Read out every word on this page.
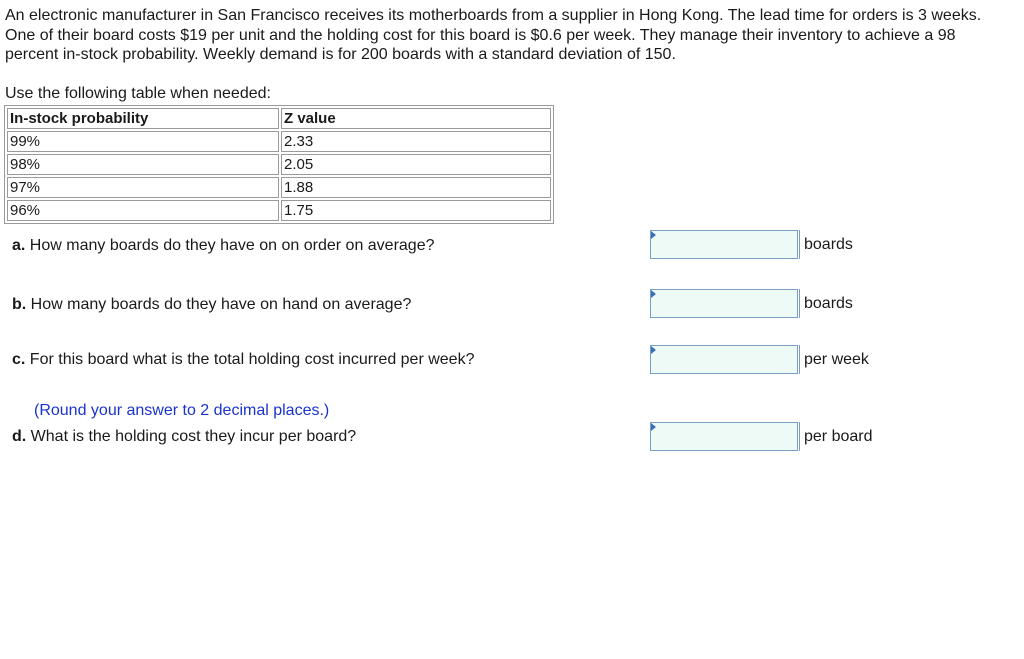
An electronic manufacturer in San Francisco receives its motherboards from a supplier in Hong Kong. The lead time for orders is 3 weeks. One of their board costs $19 per unit and the holding cost for this board is $0.6 per week. They manage their inventory to achieve a 98 percent in-stock probability. Weekly demand is for 200 boards with a standard deviation of 150.

Use the following table when needed:

In-stock probability	Z value
99%	2.33
98%	2.05
97%	1.88
96%	1.75

a. How many boards do they have on on order on average?	boards

b. How many boards do they have on hand on average?	boards

c. For this board what is the total holding cost incurred per week?	per week

(Round your answer to 2 decimal places.)

d. What is the holding cost they incur per board?	per board
